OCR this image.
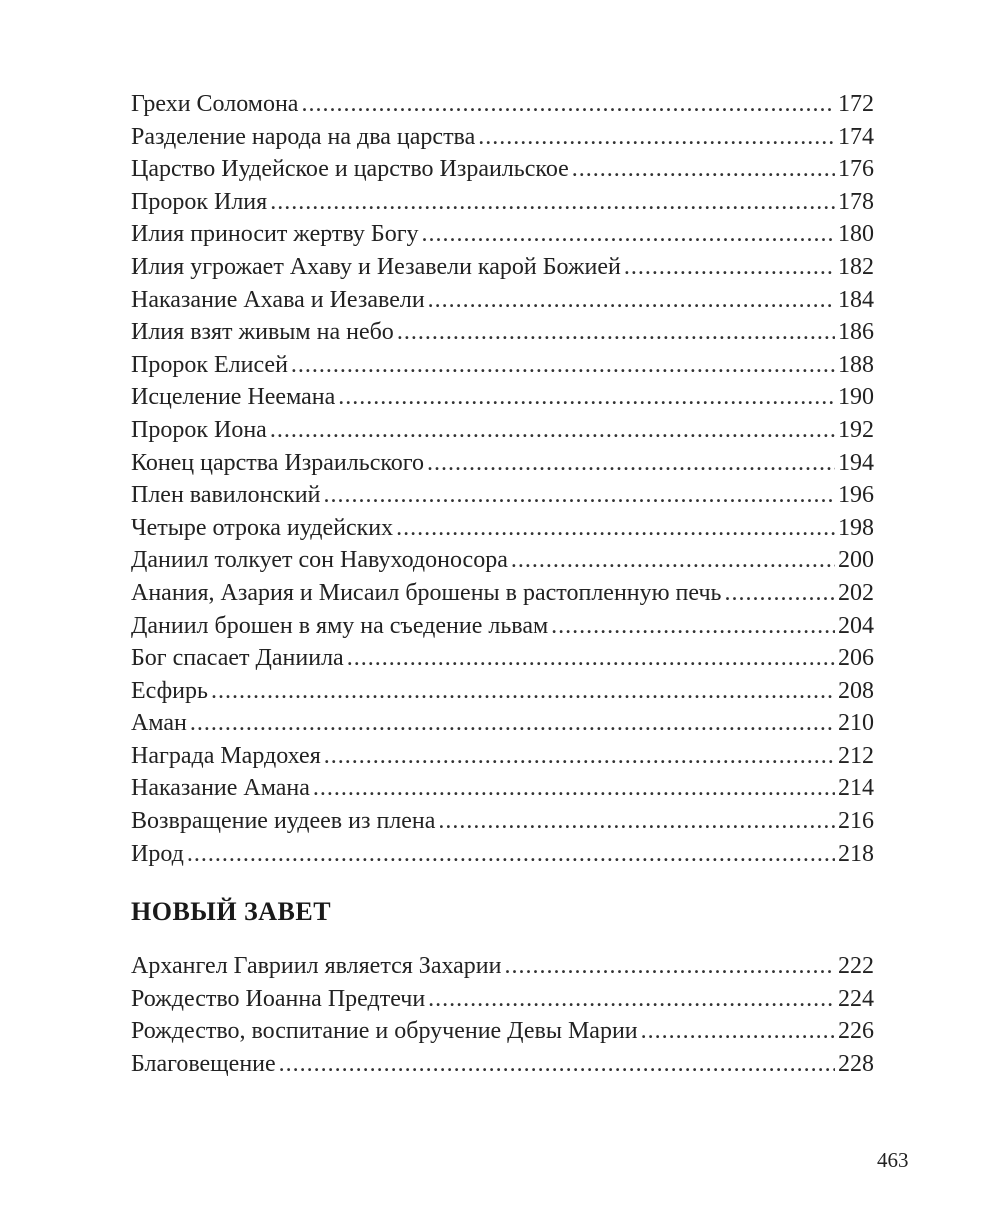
Грехи Соломона .....	172
Разделение народа на два царства .....	174
Царство Иудейское и царство Израильское .....	176
Пророк Илия .....	178
Илия приносит жертву Богу .....	180
Илия угрожает Ахаву и Иезавели карой Божией .....	182
Наказание Ахава и Иезавели .....	184
Илия взят живым на небо .....	186
Пророк Елисей .....	188
Исцеление Неемана .....	190
Пророк Иона .....	192
Конец царства Израильского .....	194
Плен вавилонский .....	196
Четыре отрока иудейских .....	198
Даниил толкует сон Навуходоносора .....	200
Анания, Азария и Мисаил брошены в растопленную печь .....	202
Даниил брошен в яму на съедение львам .....	204
Бог спасает Даниила .....	206
Есфирь .....	208
Аман .....	210
Награда Мардохея .....	212
Наказание Амана .....	214
Возвращение иудеев из плена .....	216
Ирод .....	218
НОВЫЙ ЗАВЕТ
Архангел Гавриил является Захарии .....	222
Рождество Иоанна Предтечи .....	224
Рождество, воспитание и обручение Девы Марии .....	226
Благовещение .....	228
463
